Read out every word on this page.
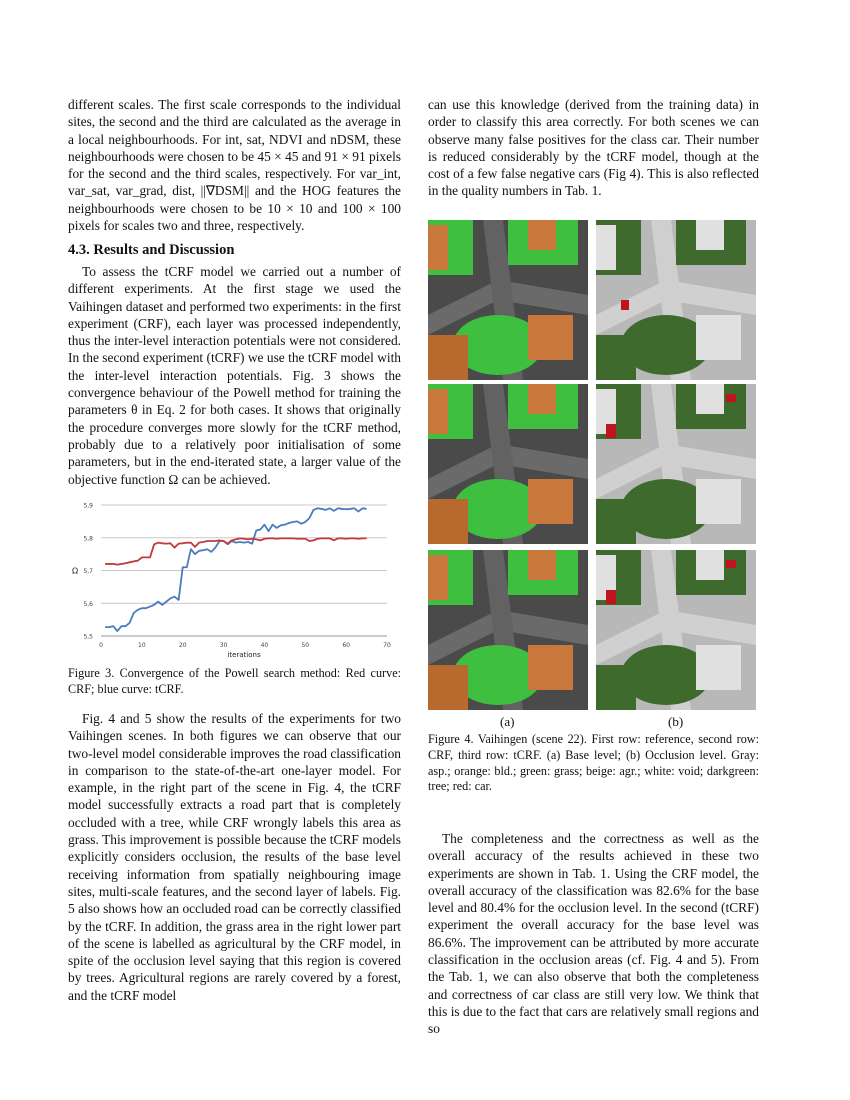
different scales. The first scale corresponds to the individual sites, the second and the third are calculated as the average in a local neighbourhoods. For int, sat, NDVI and nDSM, these neighbourhoods were chosen to be 45 × 45 and 91 × 91 pixels for the second and the third scales, respectively. For var_int, var_sat, var_grad, dist, ||∇DSM|| and the HOG features the neighbourhoods were chosen to be 10 × 10 and 100 × 100 pixels for scales two and three, respectively.

4.3. Results and Discussion

To assess the tCRF model we carried out a number of different experiments. At the first stage we used the Vaihingen dataset and performed two experiments: in the first experiment (CRF), each layer was processed independently, thus the inter-level interaction potentials were not considered. In the second experiment (tCRF) we use the tCRF model with the inter-level interaction potentials. Fig. 3 shows the convergence behaviour of the Powell method for training the parameters θ in Eq. 2 for both cases. It shows that originally the procedure converges more slowly for the tCRF method, probably due to a relatively poor initialisation of some parameters, but in the end-iterated state, a larger value of the objective function Ω can be achieved.

5,5
5,6
5,7
5,8
5,9
0	10	20	30	40	50	60	70
iterations
Ω
Figure 3. Convergence of the Powell search method: Red curve: CRF; blue curve: tCRF.

Fig. 4 and 5 show the results of the experiments for two Vaihingen scenes. In both figures we can observe that our two-level model considerable improves the road classification in comparison to the state-of-the-art one-layer model. For example, in the right part of the scene in Fig. 4, the tCRF model successfully extracts a road part that is completely occluded with a tree, while CRF wrongly labels this area as grass. This improvement is possible because the tCRF models explicitly considers occlusion, the results of the base level receiving information from spatially neighbouring image sites, multi-scale features, and the second layer of labels. Fig. 5 also shows how an occluded road can be correctly classified by the tCRF. In addition, the grass area in the right lower part of the scene is labelled as agricultural by the CRF model, in spite of the occlusion level saying that this region is covered by trees. Agricultural regions are rarely covered by a forest, and the tCRF model

can use this knowledge (derived from the training data) in order to classify this area correctly. For both scenes we can observe many false positives for the class car. Their number is reduced considerably by the tCRF model, though at the cost of a few false negative cars (Fig 4). This is also reflected in the quality numbers in Tab. 1.

(a)	(b)
Figure 4. Vaihingen (scene 22). First row: reference, second row: CRF, third row: tCRF. (a) Base level; (b) Occlusion level. Gray: asp.; orange: bld.; green: grass; beige: agr.; white: void; darkgreen: tree; red: car.

The completeness and the correctness as well as the overall accuracy of the results achieved in these two experiments are shown in Tab. 1. Using the CRF model, the overall accuracy of the classification was 82.6% for the base level and 80.4% for the occlusion level. In the second (tCRF) experiment the overall accuracy for the base level was 86.6%. The improvement can be attributed by more accurate classification in the occlusion areas (cf. Fig. 4 and 5). From the Tab. 1, we can also observe that both the completeness and correctness of car class are still very low. We think that this is due to the fact that cars are relatively small regions and so
